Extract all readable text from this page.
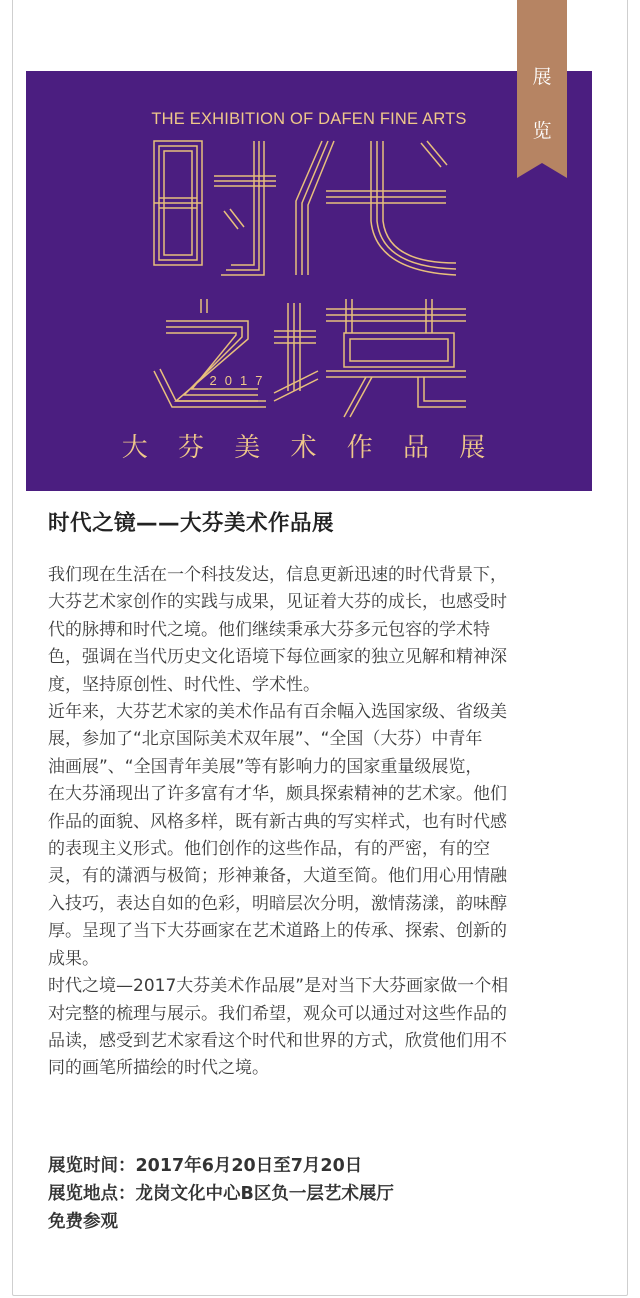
THE EXHIBITION OF DAFEN FINE ARTS
2017
大 芬 美 术 作 品 展
展
览
时代之镜——大芬美术作品展

我们现在生活在一个科技发达，信息更新迅速的时代背景下，

大芬艺术家创作的实践与成果，见证着大芬的成长，也感受时

代的脉搏和时代之境。他们继续秉承大芬多元包容的学术特

色，强调在当代历史文化语境下每位画家的独立见解和精神深

度，坚持原创性、时代性、学术性。

近年来，大芬艺术家的美术作品有百余幅入选国家级、省级美

展，参加了“北京国际美术双年展”、“全国（大芬）中青年

油画展”、“全国青年美展”等有影响力的国家重量级展览，

在大芬涌现出了许多富有才华，颇具探索精神的艺术家。他们

作品的面貌、风格多样，既有新古典的写实样式，也有时代感

的表现主义形式。他们创作的这些作品，有的严密，有的空

灵，有的潇洒与极简；形神兼备，大道至简。他们用心用情融

入技巧，表达自如的色彩，明暗层次分明，激情荡漾，韵味醇

厚。呈现了当下大芬画家在艺术道路上的传承、探索、创新的

成果。

时代之境—2017大芬美术作品展”是对当下大芬画家做一个相

对完整的梳理与展示。我们希望，观众可以通过对这些作品的

品读，感受到艺术家看这个时代和世界的方式，欣赏他们用不

同的画笔所描绘的时代之境。

展览时间：2017年6月20日至7月20日
展览地点：龙岗文化中心B区负一层艺术展厅
免费参观
